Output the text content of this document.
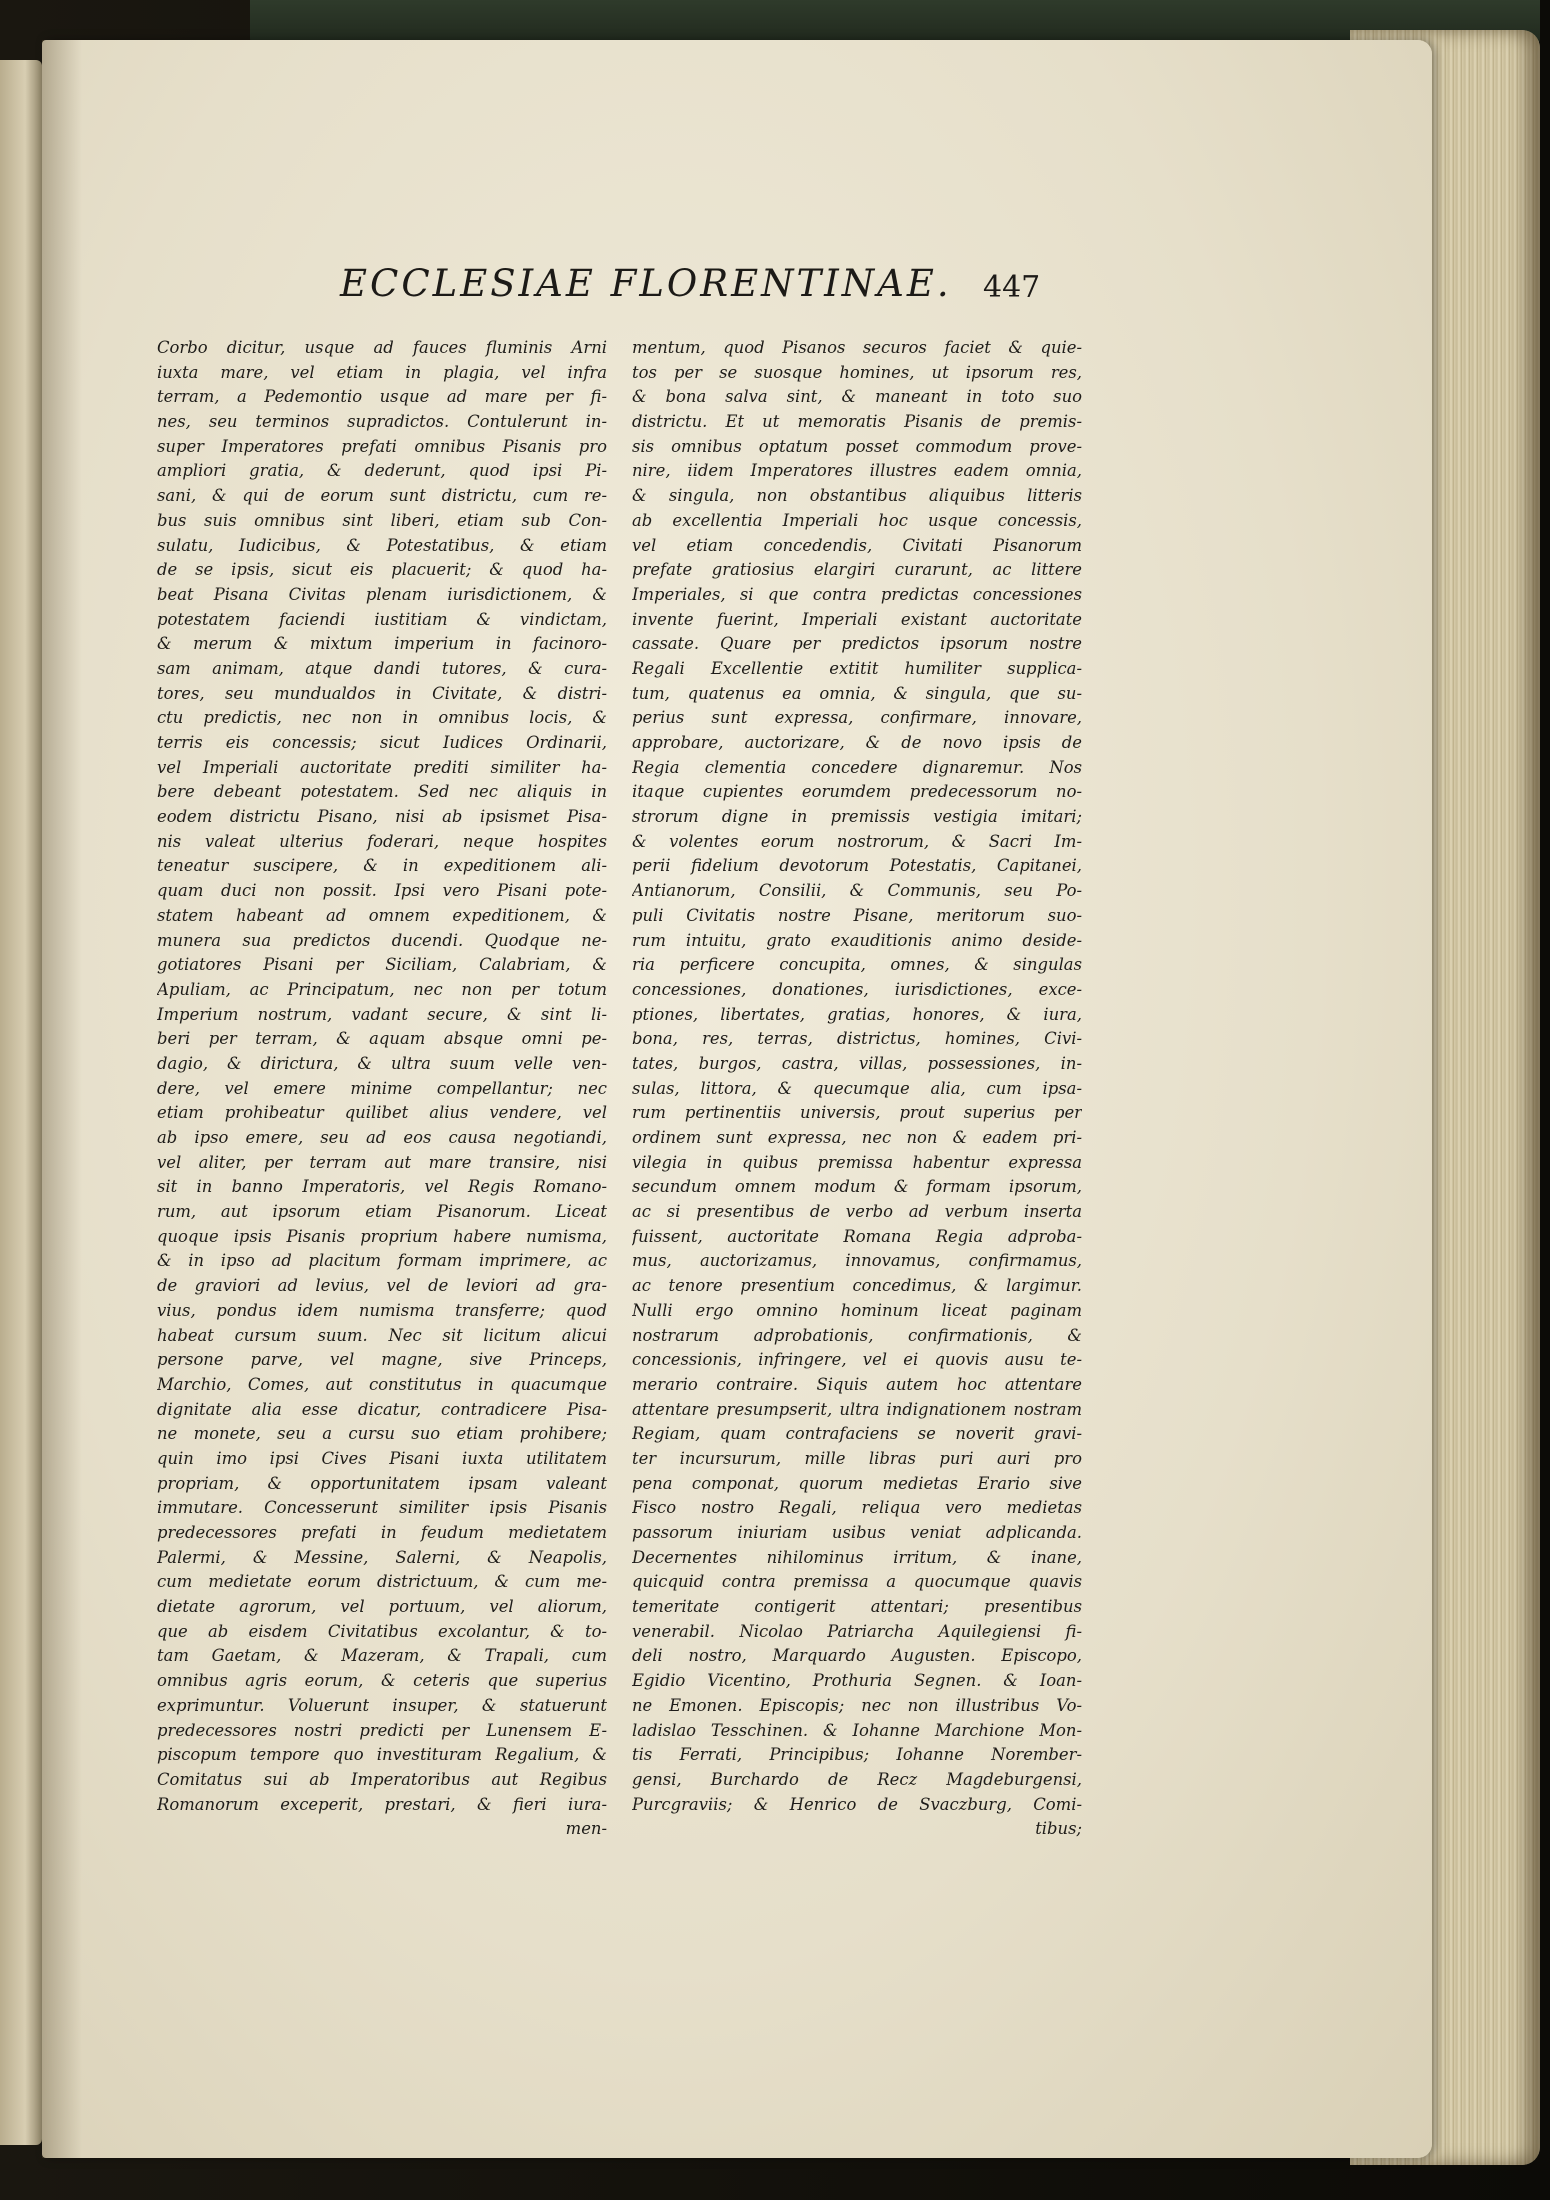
ECCLESIAE FLORENTINAE. 447
Corbo dicitur, usque ad fauces fluminis Arni
iuxta mare, vel etiam in plagia, vel infra
terram, a Pedemontio usque ad mare per fi-
nes, seu terminos supradictos. Contulerunt in-
super Imperatores prefati omnibus Pisanis pro
ampliori gratia, & dederunt, quod ipsi Pi-
sani, & qui de eorum sunt districtu, cum re-
bus suis omnibus sint liberi, etiam sub Con-
sulatu, Iudicibus, & Potestatibus, & etiam
de se ipsis, sicut eis placuerit; & quod ha-
beat Pisana Civitas plenam iurisdictionem, &
potestatem faciendi iustitiam & vindictam,
& merum & mixtum imperium in facinoro-
sam animam, atque dandi tutores, & cura-
tores, seu mundualdos in Civitate, & distri-
ctu predictis, nec non in omnibus locis, &
terris eis concessis; sicut Iudices Ordinarii,
vel Imperiali auctoritate prediti similiter ha-
bere debeant potestatem. Sed nec aliquis in
eodem districtu Pisano, nisi ab ipsismet Pisa-
nis valeat ulterius foderari, neque hospites
teneatur suscipere, & in expeditionem ali-
quam duci non possit. Ipsi vero Pisani pote-
statem habeant ad omnem expeditionem, &
munera sua predictos ducendi. Quodque ne-
gotiatores Pisani per Siciliam, Calabriam, &
Apuliam, ac Principatum, nec non per totum
Imperium nostrum, vadant secure, & sint li-
beri per terram, & aquam absque omni pe-
dagio, & dirictura, & ultra suum velle ven-
dere, vel emere minime compellantur; nec
etiam prohibeatur quilibet alius vendere, vel
ab ipso emere, seu ad eos causa negotiandi,
vel aliter, per terram aut mare transire, nisi
sit in banno Imperatoris, vel Regis Romano-
rum, aut ipsorum etiam Pisanorum. Liceat
quoque ipsis Pisanis proprium habere numisma,
& in ipso ad placitum formam imprimere, ac
de graviori ad levius, vel de leviori ad gra-
vius, pondus idem numisma transferre; quod
habeat cursum suum. Nec sit licitum alicui
persone parve, vel magne, sive Princeps,
Marchio, Comes, aut constitutus in quacumque
dignitate alia esse dicatur, contradicere Pisa-
ne monete, seu a cursu suo etiam prohibere;
quin imo ipsi Cives Pisani iuxta utilitatem
propriam, & opportunitatem ipsam valeant
immutare. Concesserunt similiter ipsis Pisanis
predecessores prefati in feudum medietatem
Palermi, & Messine, Salerni, & Neapolis,
cum medietate eorum districtuum, & cum me-
dietate agrorum, vel portuum, vel aliorum,
que ab eisdem Civitatibus excolantur, & to-
tam Gaetam, & Mazeram, & Trapali, cum
omnibus agris eorum, & ceteris que superius
exprimuntur. Voluerunt insuper, & statuerunt
predecessores nostri predicti per Lunensem E-
piscopum tempore quo investituram Regalium, &
Comitatus sui ab Imperatoribus aut Regibus
Romanorum exceperit, prestari, & fieri iura-
men-
mentum, quod Pisanos securos faciet & quie-
tos per se suosque homines, ut ipsorum res,
& bona salva sint, & maneant in toto suo
districtu. Et ut memoratis Pisanis de premis-
sis omnibus optatum posset commodum prove-
nire, iidem Imperatores illustres eadem omnia,
& singula, non obstantibus aliquibus litteris
ab excellentia Imperiali hoc usque concessis,
vel etiam concedendis, Civitati Pisanorum
prefate gratiosius elargiri curarunt, ac littere
Imperiales, si que contra predictas concessiones
invente fuerint, Imperiali existant auctoritate
cassate. Quare per predictos ipsorum nostre
Regali Excellentie extitit humiliter supplica-
tum, quatenus ea omnia, & singula, que su-
perius sunt expressa, confirmare, innovare,
approbare, auctorizare, & de novo ipsis de
Regia clementia concedere dignaremur. Nos
itaque cupientes eorumdem predecessorum no-
strorum digne in premissis vestigia imitari;
& volentes eorum nostrorum, & Sacri Im-
perii fidelium devotorum Potestatis, Capitanei,
Antianorum, Consilii, & Communis, seu Po-
puli Civitatis nostre Pisane, meritorum suo-
rum intuitu, grato exauditionis animo deside-
ria perficere concupita, omnes, & singulas
concessiones, donationes, iurisdictiones, exce-
ptiones, libertates, gratias, honores, & iura,
bona, res, terras, districtus, homines, Civi-
tates, burgos, castra, villas, possessiones, in-
sulas, littora, & quecumque alia, cum ipsa-
rum pertinentiis universis, prout superius per
ordinem sunt expressa, nec non & eadem pri-
vilegia in quibus premissa habentur expressa
secundum omnem modum & formam ipsorum,
ac si presentibus de verbo ad verbum inserta
fuissent, auctoritate Romana Regia adproba-
mus, auctorizamus, innovamus, confirmamus,
ac tenore presentium concedimus, & largimur.
Nulli ergo omnino hominum liceat paginam
nostrarum adprobationis, confirmationis, &
concessionis, infringere, vel ei quovis ausu te-
merario contraire. Siquis autem hoc attentare
attentare presumpserit, ultra indignationem nostram
Regiam, quam contrafaciens se noverit gravi-
ter incursurum, mille libras puri auri pro
pena componat, quorum medietas Erario sive
Fisco nostro Regali, reliqua vero medietas
passorum iniuriam usibus veniat adplicanda.
Decernentes nihilominus irritum, & inane,
quicquid contra premissa a quocumque quavis
temeritate contigerit attentari; presentibus
venerabil. Nicolao Patriarcha Aquilegiensi fi-
deli nostro, Marquardo Augusten. Episcopo,
Egidio Vicentino, Prothuria Segnen. & Ioan-
ne Emonen. Episcopis; nec non illustribus Vo-
ladislao Tesschinen. & Iohanne Marchione Mon-
tis Ferrati, Principibus; Iohanne Norember-
gensi, Burchardo de Recz Magdeburgensi,
Purcgraviis; & Henrico de Svaczburg, Comi-
tibus;
